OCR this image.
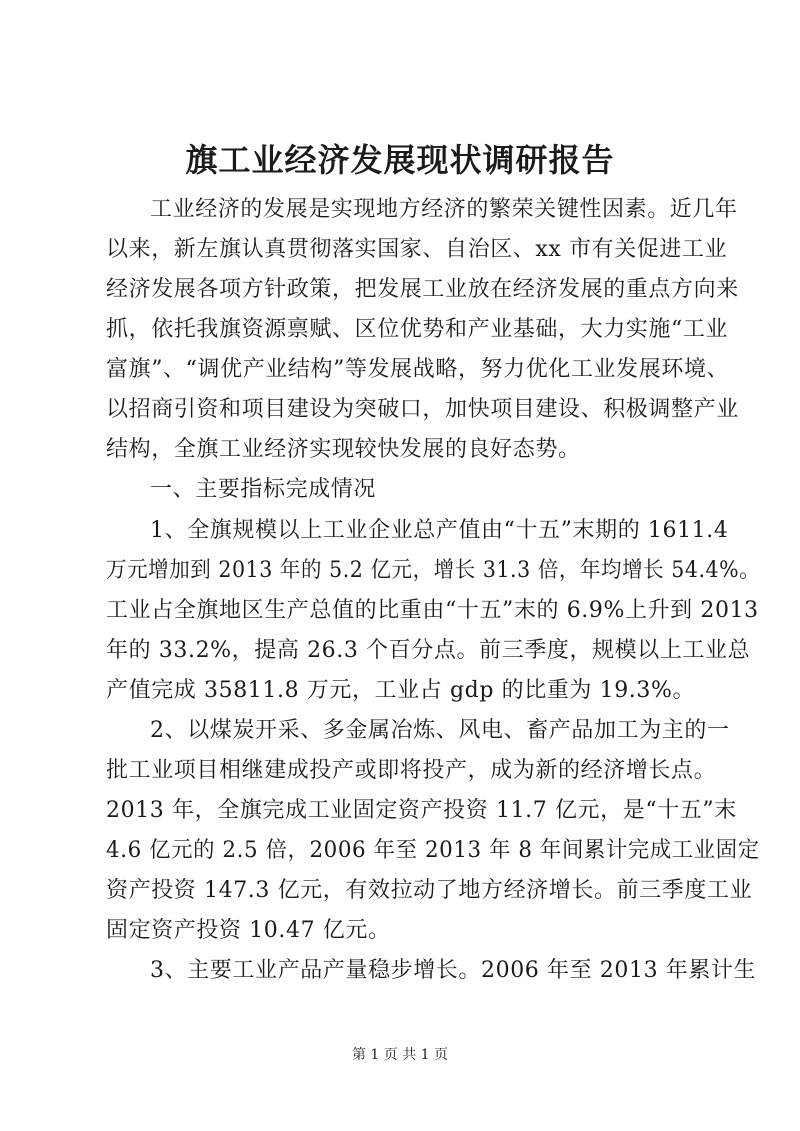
旗工业经济发展现状调研报告
工业经济的发展是实现地方经济的繁荣关键性因素。近几年
以来，新左旗认真贯彻落实国家、自治区、xx 市有关促进工业
经济发展各项方针政策，把发展工业放在经济发展的重点方向来
抓，依托我旗资源禀赋、区位优势和产业基础，大力实施“工业
富旗”、“调优产业结构”等发展战略，努力优化工业发展环境、
以招商引资和项目建设为突破口，加快项目建设、积极调整产业
结构，全旗工业经济实现较快发展的良好态势。
一、主要指标完成情况
1、全旗规模以上工业企业总产值由“十五”末期的 1611.4
万元增加到 2013 年的 5.2 亿元，增长 31.3 倍，年均增长 54.4%。
工业占全旗地区生产总值的比重由“十五”末的 6.9%上升到 2013
年的 33.2%，提高 26.3 个百分点。前三季度，规模以上工业总
产值完成 35811.8 万元，工业占 gdp 的比重为 19.3%。
2、以煤炭开采、多金属冶炼、风电、畜产品加工为主的一
批工业项目相继建成投产或即将投产，成为新的经济增长点。
2013 年，全旗完成工业固定资产投资 11.7 亿元，是“十五”末
4.6 亿元的 2.5 倍，2006 年至 2013 年 8 年间累计完成工业固定
资产投资 147.3 亿元，有效拉动了地方经济增长。前三季度工业
固定资产投资 10.47 亿元。
3、主要工业产品产量稳步增长。2006 年至 2013 年累计生
第 1 页 共 1 页
